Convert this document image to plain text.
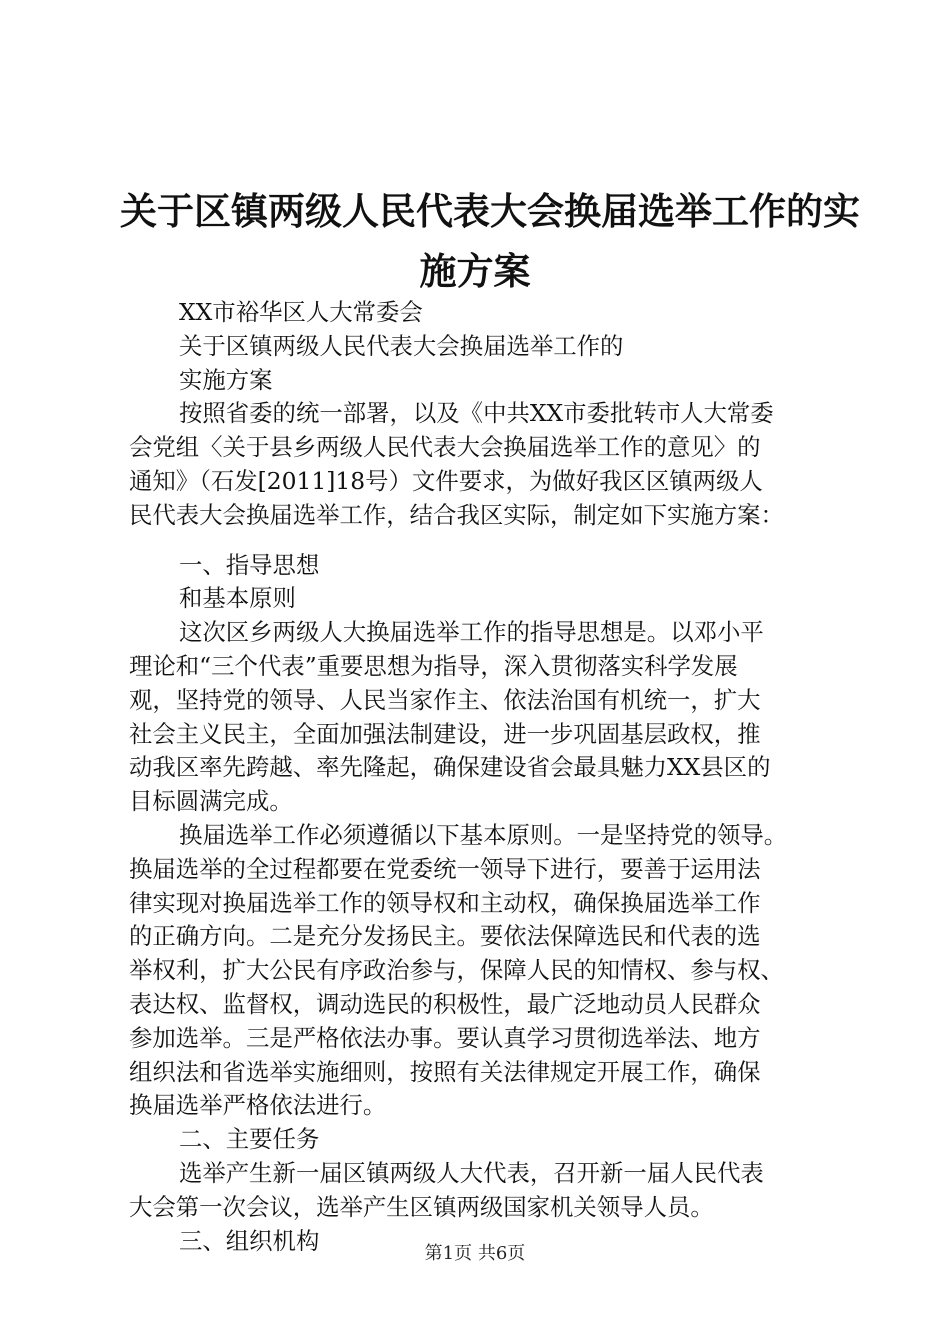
关于区镇两级人民代表大会换届选举工作的实
施方案
XX市裕华区人大常委会
关于区镇两级人民代表大会换届选举工作的
实施方案
按照省委的统一部署，以及《中共XX市委批转市人大常委
会党组〈关于县乡两级人民代表大会换届选举工作的意见〉的
通知》（石发[2011]18号）文件要求，为做好我区区镇两级人
民代表大会换届选举工作，结合我区实际，制定如下实施方案：
一、指导思想
和基本原则
这次区乡两级人大换届选举工作的指导思想是。以邓小平
理论和“三个代表”重要思想为指导，深入贯彻落实科学发展
观，坚持党的领导、人民当家作主、依法治国有机统一，扩大
社会主义民主，全面加强法制建设，进一步巩固基层政权，推
动我区率先跨越、率先隆起，确保建设省会最具魅力XX县区的
目标圆满完成。
换届选举工作必须遵循以下基本原则。一是坚持党的领导。
换届选举的全过程都要在党委统一领导下进行，要善于运用法
律实现对换届选举工作的领导权和主动权，确保换届选举工作
的正确方向。二是充分发扬民主。要依法保障选民和代表的选
举权利，扩大公民有序政治参与，保障人民的知情权、参与权、
表达权、监督权，调动选民的积极性，最广泛地动员人民群众
参加选举。三是严格依法办事。要认真学习贯彻选举法、地方
组织法和省选举实施细则，按照有关法律规定开展工作，确保
换届选举严格依法进行。
二、主要任务
选举产生新一届区镇两级人大代表，召开新一届人民代表
大会第一次会议，选举产生区镇两级国家机关领导人员。
三、组织机构	第1页 共6页
